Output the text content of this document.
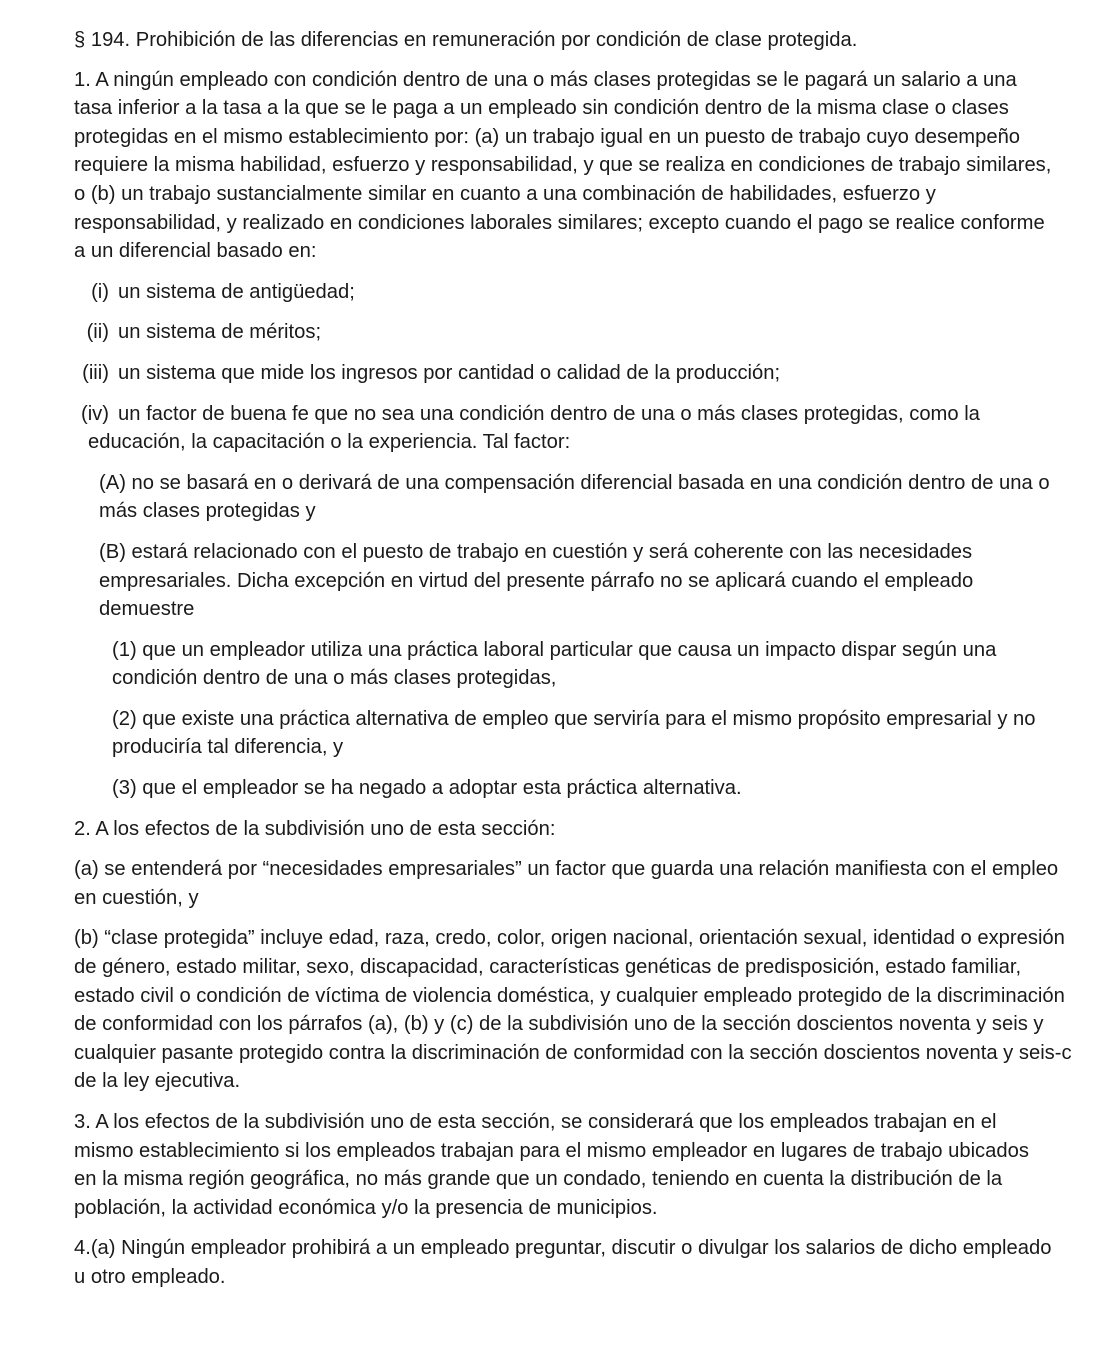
§ 194. Prohibición de las diferencias en remuneración por condición de clase protegida.

1. A ningún empleado con condición dentro de una o más clases protegidas se le pagará un salario a una tasa inferior a la tasa a la que se le paga a un empleado sin condición dentro de la misma clase o clases protegidas en el mismo establecimiento por: (a) un trabajo igual en un puesto de trabajo cuyo desempeño requiere la misma habilidad, esfuerzo y responsabilidad, y que se realiza en condiciones de trabajo similares, o (b) un trabajo sustancialmente similar en cuanto a una combinación de habilidades, esfuerzo y responsabilidad, y realizado en condiciones laborales similares; excepto cuando el pago se realice conforme a un diferencial basado en:

(i) un sistema de antigüedad;
(ii) un sistema de méritos;
(iii) un sistema que mide los ingresos por cantidad o calidad de la producción;
(iv) un factor de buena fe que no sea una condición dentro de una o más clases protegidas, como la

educación, la capacitación o la experiencia. Tal factor:

(A) no se basará en o derivará de una compensación diferencial basada en una condición dentro de una o más clases protegidas y

(B) estará relacionado con el puesto de trabajo en cuestión y será coherente con las necesidades empresariales. Dicha excepción en virtud del presente párrafo no se aplicará cuando el empleado demuestre

(1) que un empleador utiliza una práctica laboral particular que causa un impacto dispar según una condición dentro de una o más clases protegidas,

(2) que existe una práctica alternativa de empleo que serviría para el mismo propósito empresarial y no produciría tal diferencia, y

(3) que el empleador se ha negado a adoptar esta práctica alternativa.

2. A los efectos de la subdivisión uno de esta sección:

(a) se entenderá por “necesidades empresariales” un factor que guarda una relación manifiesta con el empleo en cuestión, y

(b) “clase protegida” incluye edad, raza, credo, color, origen nacional, orientación sexual, identidad o expresión de género, estado militar, sexo, discapacidad, características genéticas de predisposición, estado familiar, estado civil o condición de víctima de violencia doméstica, y cualquier empleado protegido de la discriminación de conformidad con los párrafos (a), (b) y (c) de la subdivisión uno de la sección doscientos noventa y seis y cualquier pasante protegido contra la discriminación de conformidad con la sección doscientos noventa y seis-c de la ley ejecutiva.

3. A los efectos de la subdivisión uno de esta sección, se considerará que los empleados trabajan en el mismo establecimiento si los empleados trabajan para el mismo empleador en lugares de trabajo ubicados en la misma región geográfica, no más grande que un condado, teniendo en cuenta la distribución de la población, la actividad económica y/o la presencia de municipios.

4.(a) Ningún empleador prohibirá a un empleado preguntar, discutir o divulgar los salarios de dicho empleado u otro empleado.
